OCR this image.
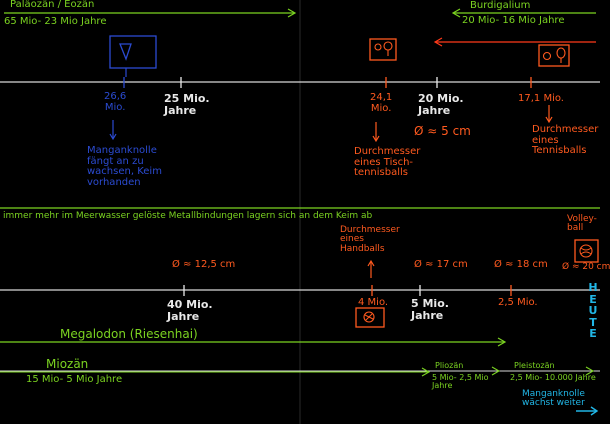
Paläozän / Eozän
65 Mio- 23 Mio Jahre
Burdigalium
20 Mio- 16 Mio Jahre
26,6
Mio.
25 Mio.
Jahre
24,1
Mio.
20 Mio.
Jahre
17,1 Mio.
Manganknolle
fängt an zu
wachsen, Keim
vorhanden
Ø ≈ 5 cm
Durchmesser
eines Tisch-
tennisballs
Durchmesser
eines
Tennisballs
immer mehr im Meerwasser gelöste Metallbindungen lagern sich an dem Keim ab
Durchmesser
eines
Handballs
Volley-
ball
Ø ≈ 12,5 cm	Ø ≈ 17 cm	Ø ≈ 18 cm Ø ≈ 20 cm
40 Mio.
Jahre
4 Mio. 5 Mio.
Jahre
2,5 Mio.
H
E
U
T
E
Megalodon (Riesenhai)
Miozän
15 Mio- 5 Mio Jahre
Pliozän
5 Mio- 2,5 Mio
Jahre
Pleistozän
2,5 Mio- 10.000 Jahre
Manganknolle
wächst weiter
